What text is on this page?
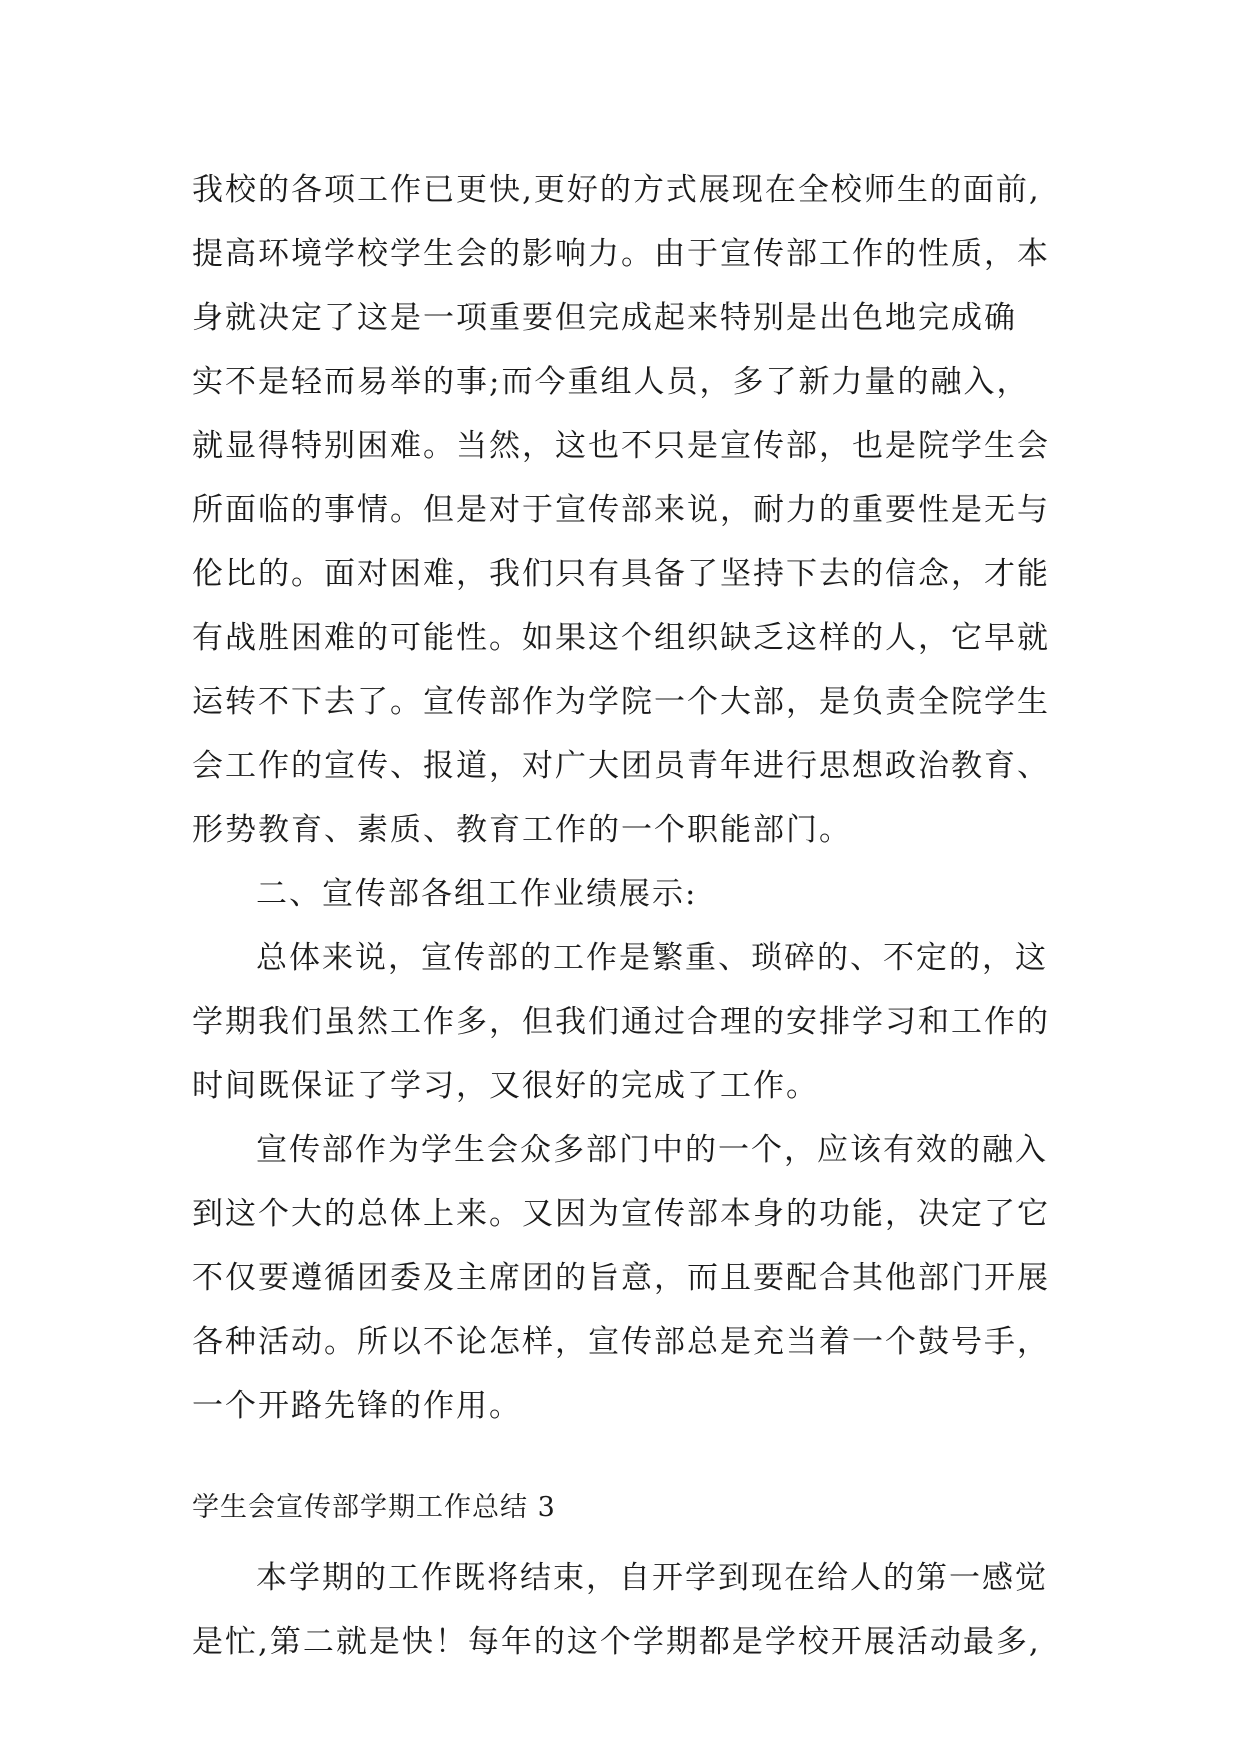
我校的各项工作已更快,更好的方式展现在全校师生的面前,
提高环境学校学生会的影响力。由于宣传部工作的性质，本
身就决定了这是一项重要但完成起来特别是出色地完成确
实不是轻而易举的事;而今重组人员，多了新力量的融入，
就显得特别困难。当然，这也不只是宣传部，也是院学生会
所面临的事情。但是对于宣传部来说，耐力的重要性是无与
伦比的。面对困难，我们只有具备了坚持下去的信念，才能
有战胜困难的可能性。如果这个组织缺乏这样的人，它早就
运转不下去了。宣传部作为学院一个大部，是负责全院学生
会工作的宣传、报道，对广大团员青年进行思想政治教育、
形势教育、素质、教育工作的一个职能部门。
二、宣传部各组工作业绩展示:
总体来说，宣传部的工作是繁重、琐碎的、不定的，这
学期我们虽然工作多，但我们通过合理的安排学习和工作的
时间既保证了学习，又很好的完成了工作。
宣传部作为学生会众多部门中的一个，应该有效的融入
到这个大的总体上来。又因为宣传部本身的功能，决定了它
不仅要遵循团委及主席团的旨意，而且要配合其他部门开展
各种活动。所以不论怎样，宣传部总是充当着一个鼓号手，
一个开路先锋的作用。
学生会宣传部学期工作总结 3
本学期的工作既将结束，自开学到现在给人的第一感觉
是忙,第二就是快！每年的这个学期都是学校开展活动最多,
